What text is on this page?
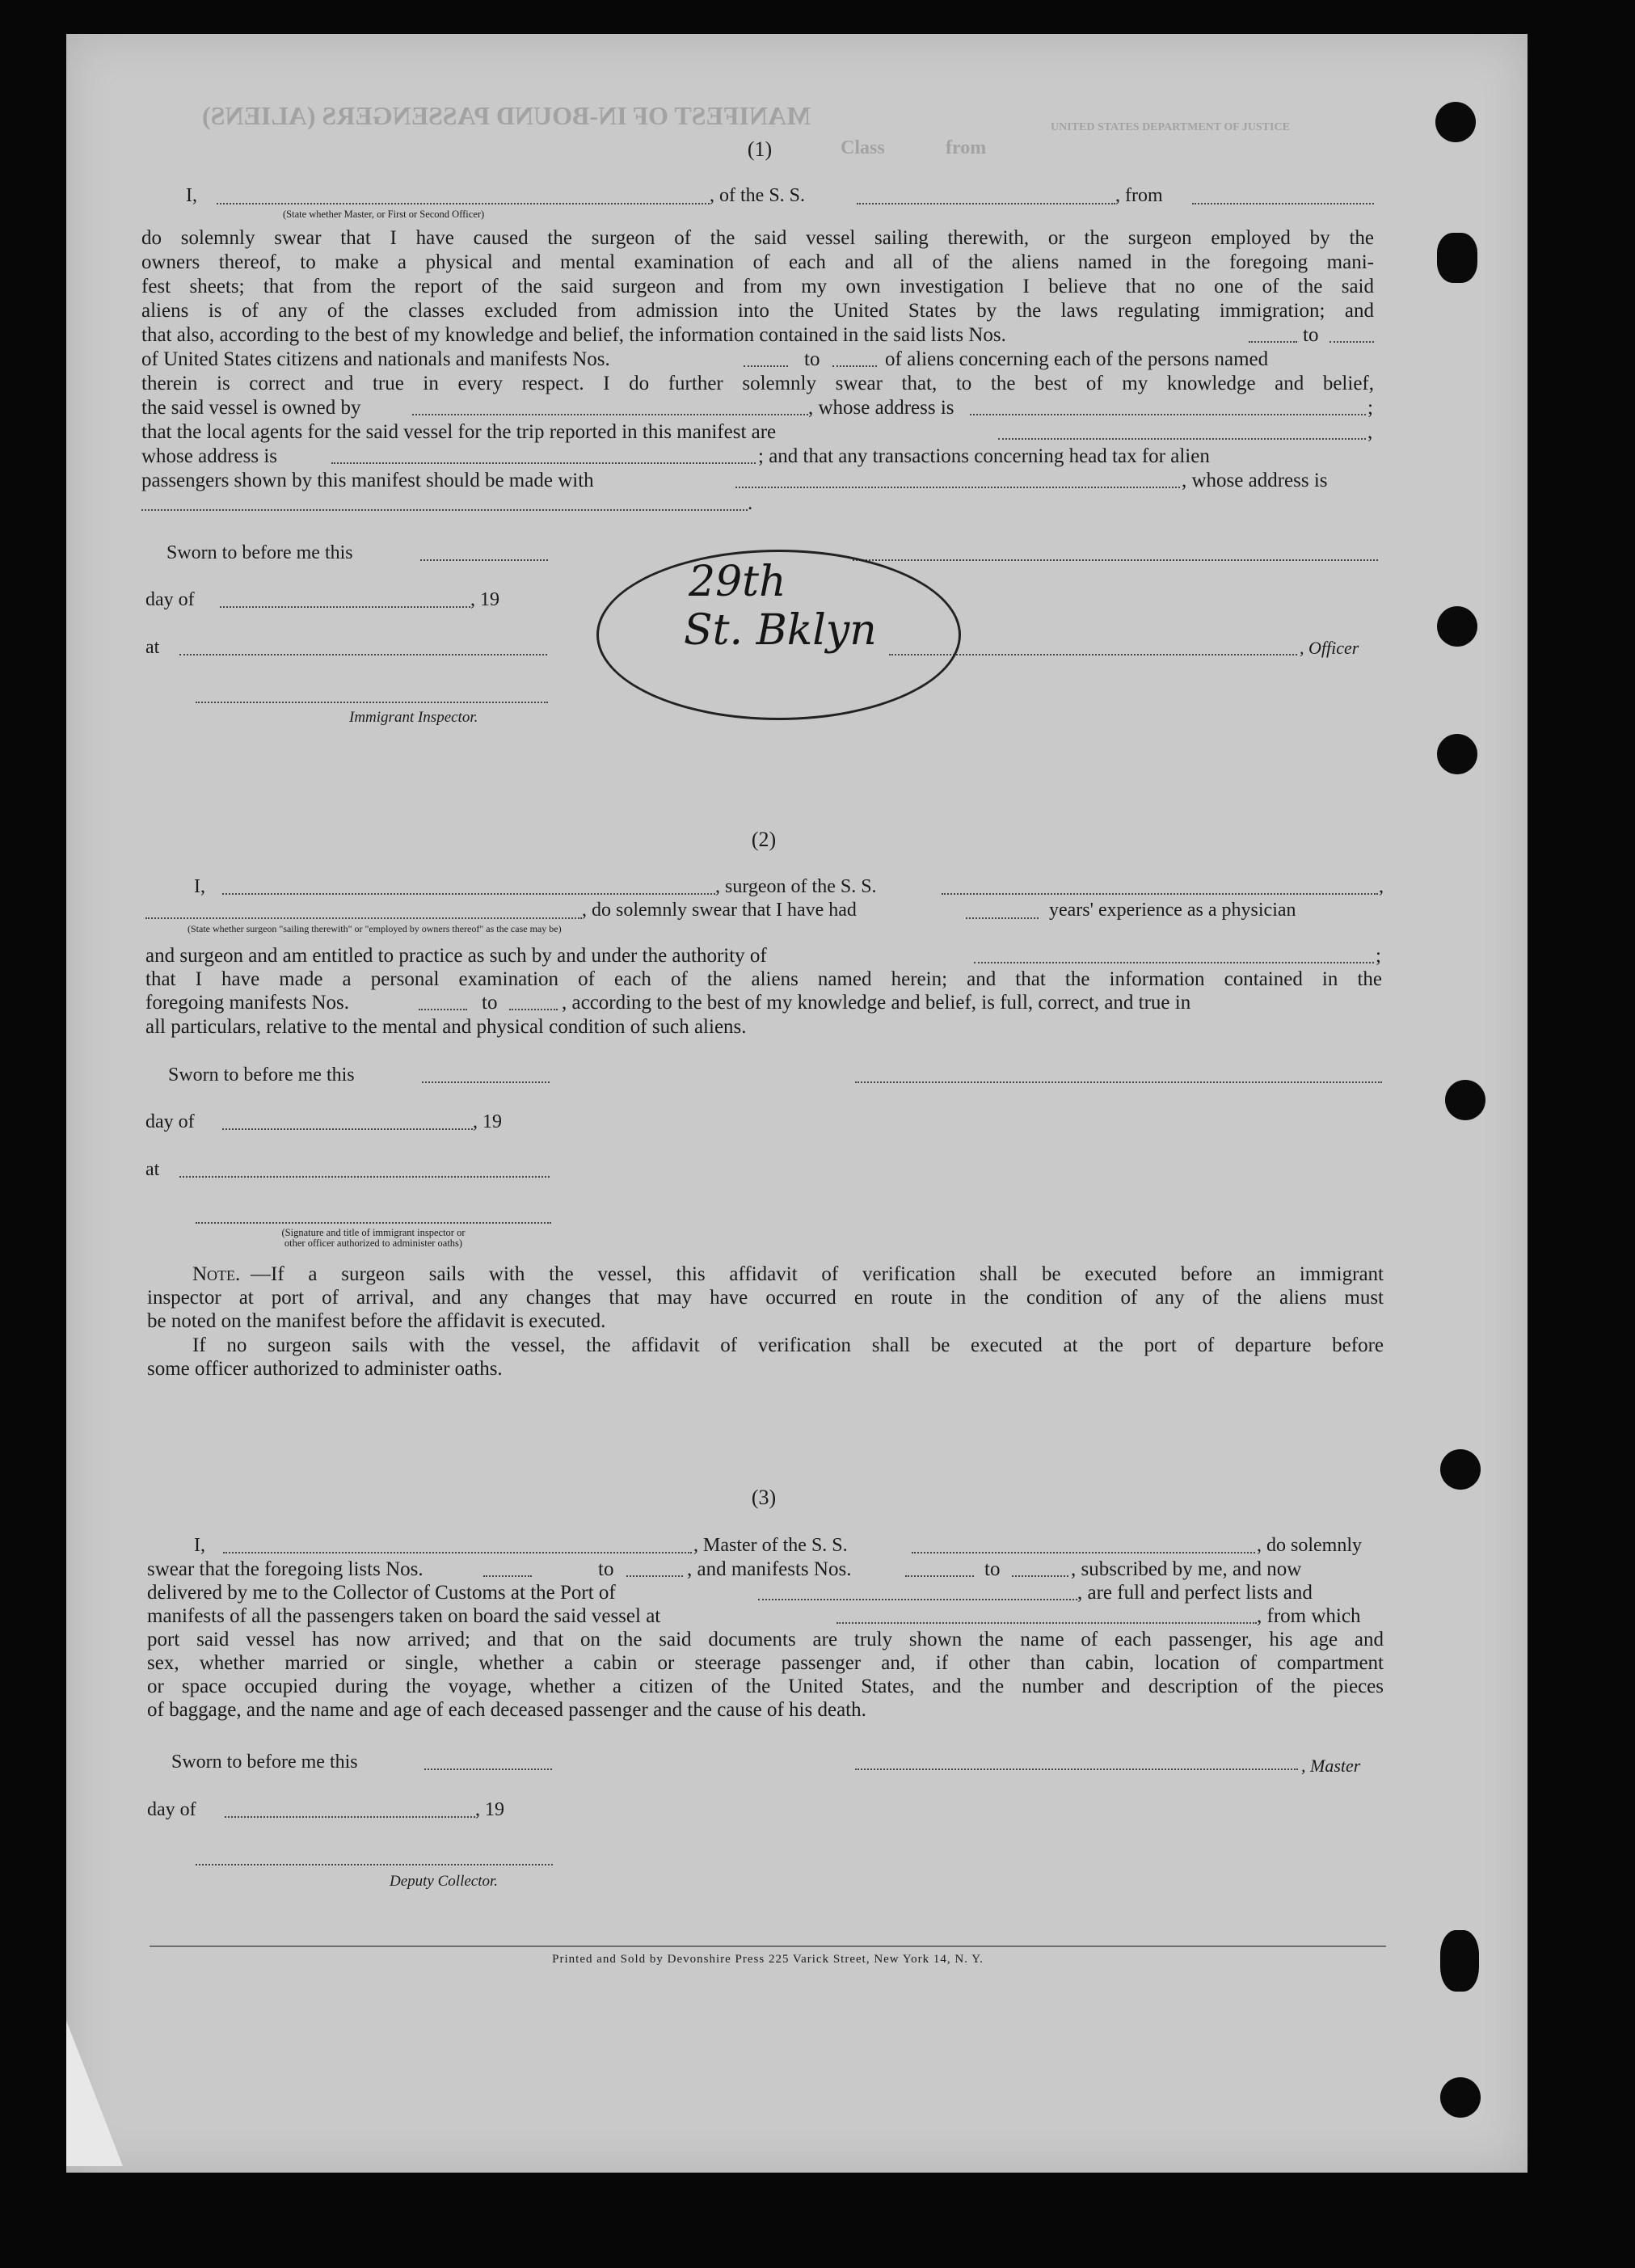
MANIFEST OF IN-BOUND PASSENGERS (ALIENS)
Class	from
UNITED STATES DEPARTMENT OF JUSTICE
(1)
I,	, of the S. S.	, from
(State whether Master, or First or Second Officer)
do solemnly swear that I have caused the surgeon of the said vessel sailing therewith, or the surgeon employed by the
owners thereof, to make a physical and mental examination of each and all of the aliens named in the foregoing mani-
fest sheets; that from the report of the said surgeon and from my own investigation I believe that no one of the said
aliens is of any of the classes excluded from admission into the United States by the laws regulating immigration; and
that also, according to the best of my knowledge and belief, the information contained in the said lists Nos.	to
of United States citizens and nationals and manifests Nos.	to	of aliens concerning each of the persons named
therein is correct and true in every respect. I do further solemnly swear that, to the best of my knowledge and belief,
the said vessel is owned by	, whose address is	;
that the local agents for the said vessel for the trip reported in this manifest are	,
whose address is	; and that any transactions concerning head tax for alien
passengers shown by this manifest should be made with	, whose address is
.
Sworn to before me this
day of	, 19
at	, Officer
Immigrant Inspector.
29th
St. Bklyn
(2)
I,	, surgeon of the S. S.	,
, do solemnly swear that I have had	years' experience as a physician
(State whether surgeon "sailing therewith" or "employed by owners thereof" as the case may be)
and surgeon and am entitled to practice as such by and under the authority of	;
that I have made a personal examination of each of the aliens named herein; and that the information contained in the
foregoing manifests Nos.	to	, according to the best of my knowledge and belief, is full, correct, and true in
all particulars, relative to the mental and physical condition of such aliens.
Sworn to before me this
day of	, 19
at
(Signature and title of immigrant inspector or
other officer authorized to administer oaths)
Note. —If a surgeon sails with the vessel, this affidavit of verification shall be executed before an immigrant
inspector at port of arrival, and any changes that may have occurred en route in the condition of any of the aliens must
be noted on the manifest before the affidavit is executed.
If no surgeon sails with the vessel, the affidavit of verification shall be executed at the port of departure before
some officer authorized to administer oaths.
(3)
I,	, Master of the S. S.	, do solemnly
swear that the foregoing lists Nos.	to	, and manifests Nos.	to	, subscribed by me, and now
delivered by me to the Collector of Customs at the Port of	, are full and perfect lists and
manifests of all the passengers taken on board the said vessel at	, from which
port said vessel has now arrived; and that on the said documents are truly shown the name of each passenger, his age and
sex, whether married or single, whether a cabin or steerage passenger and, if other than cabin, location of compartment
or space occupied during the voyage, whether a citizen of the United States, and the number and description of the pieces
of baggage, and the name and age of each deceased passenger and the cause of his death.
Sworn to before me this	, Master
day of	, 19
Deputy Collector.
Printed and Sold by Devonshire Press 225 Varick Street, New York 14, N. Y.
